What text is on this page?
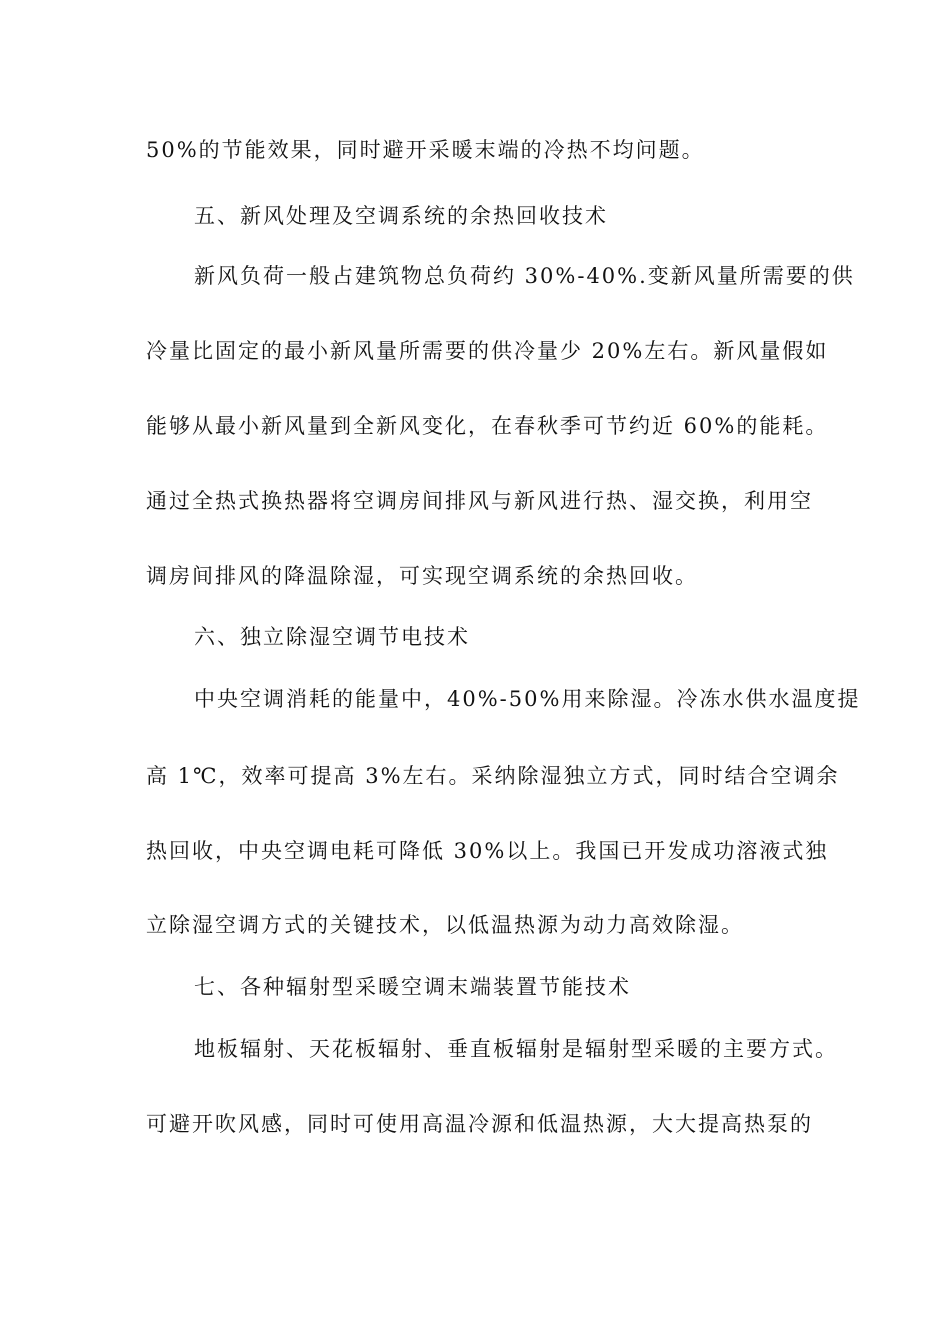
50%的节能效果，同时避开采暖末端的冷热不均问题。
五、新风处理及空调系统的余热回收技术
新风负荷一般占建筑物总负荷约 30%-40%.变新风量所需要的供
冷量比固定的最小新风量所需要的供冷量少 20%左右。新风量假如
能够从最小新风量到全新风变化，在春秋季可节约近 60%的能耗。
通过全热式换热器将空调房间排风与新风进行热、湿交换，利用空
调房间排风的降温除湿，可实现空调系统的余热回收。
六、独立除湿空调节电技术
中央空调消耗的能量中，40%-50%用来除湿。冷冻水供水温度提
高 1℃，效率可提高 3%左右。采纳除湿独立方式，同时结合空调余
热回收，中央空调电耗可降低 30%以上。我国已开发成功溶液式独
立除湿空调方式的关键技术，以低温热源为动力高效除湿。
七、各种辐射型采暖空调末端装置节能技术
地板辐射、天花板辐射、垂直板辐射是辐射型采暖的主要方式。
可避开吹风感，同时可使用高温冷源和低温热源，大大提高热泵的
